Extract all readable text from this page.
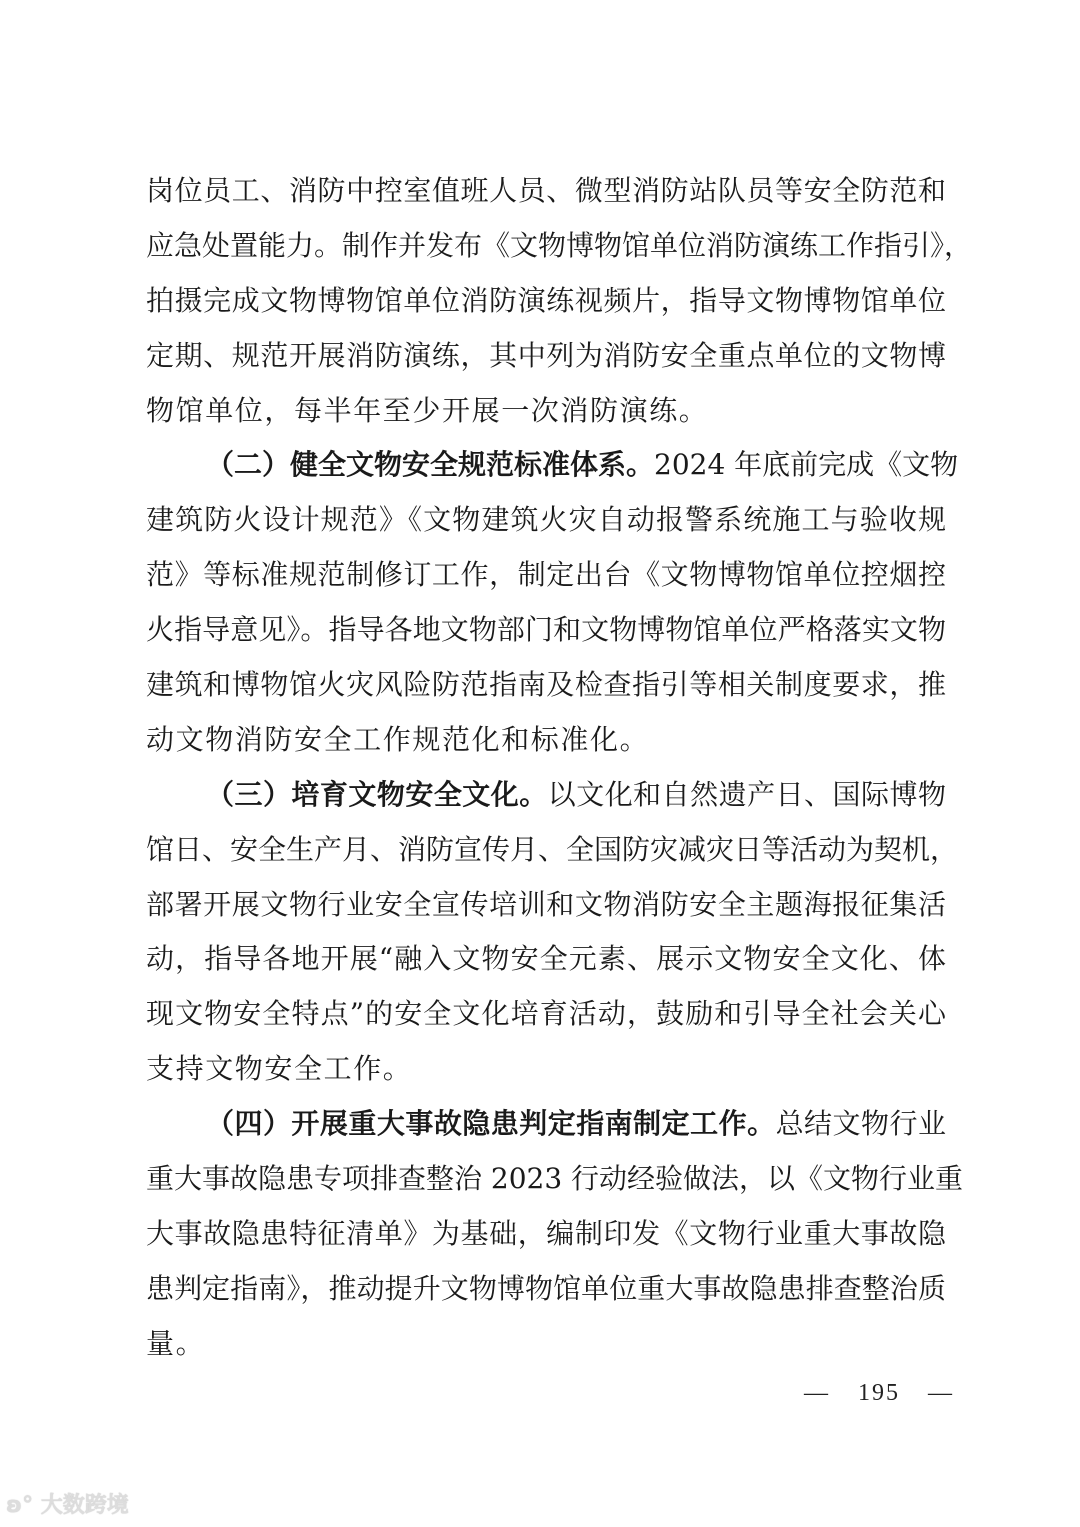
岗位员工、消防中控室值班人员、微型消防站队员等安全防范和
应急处置能力。制作并发布《文物博物馆单位消防演练工作指引》，
拍摄完成文物博物馆单位消防演练视频片，指导文物博物馆单位
定期、规范开展消防演练，其中列为消防安全重点单位的文物博
物馆单位，每半年至少开展一次消防演练。
（二）健全文物安全规范标准体系。2024 年底前完成《文物
建筑防火设计规范》《文物建筑火灾自动报警系统施工与验收规
范》等标准规范制修订工作，制定出台《文物博物馆单位控烟控
火指导意见》。指导各地文物部门和文物博物馆单位严格落实文物
建筑和博物馆火灾风险防范指南及检查指引等相关制度要求，推
动文物消防安全工作规范化和标准化。
（三）培育文物安全文化。以文化和自然遗产日、国际博物
馆日、安全生产月、消防宣传月、全国防灾减灾日等活动为契机，
部署开展文物行业安全宣传培训和文物消防安全主题海报征集活
动，指导各地开展“融入文物安全元素、展示文物安全文化、体
现文物安全特点”的安全文化培育活动，鼓励和引导全社会关心
支持文物安全工作。
（四）开展重大事故隐患判定指南制定工作。总结文物行业
重大事故隐患专项排查整治 2023 行动经验做法，以《文物行业重
大事故隐患特征清单》为基础，编制印发《文物行业重大事故隐
患判定指南》，推动提升文物博物馆单位重大事故隐患排查整治质
量。
— 195 —
ʚ° 大数跨境
